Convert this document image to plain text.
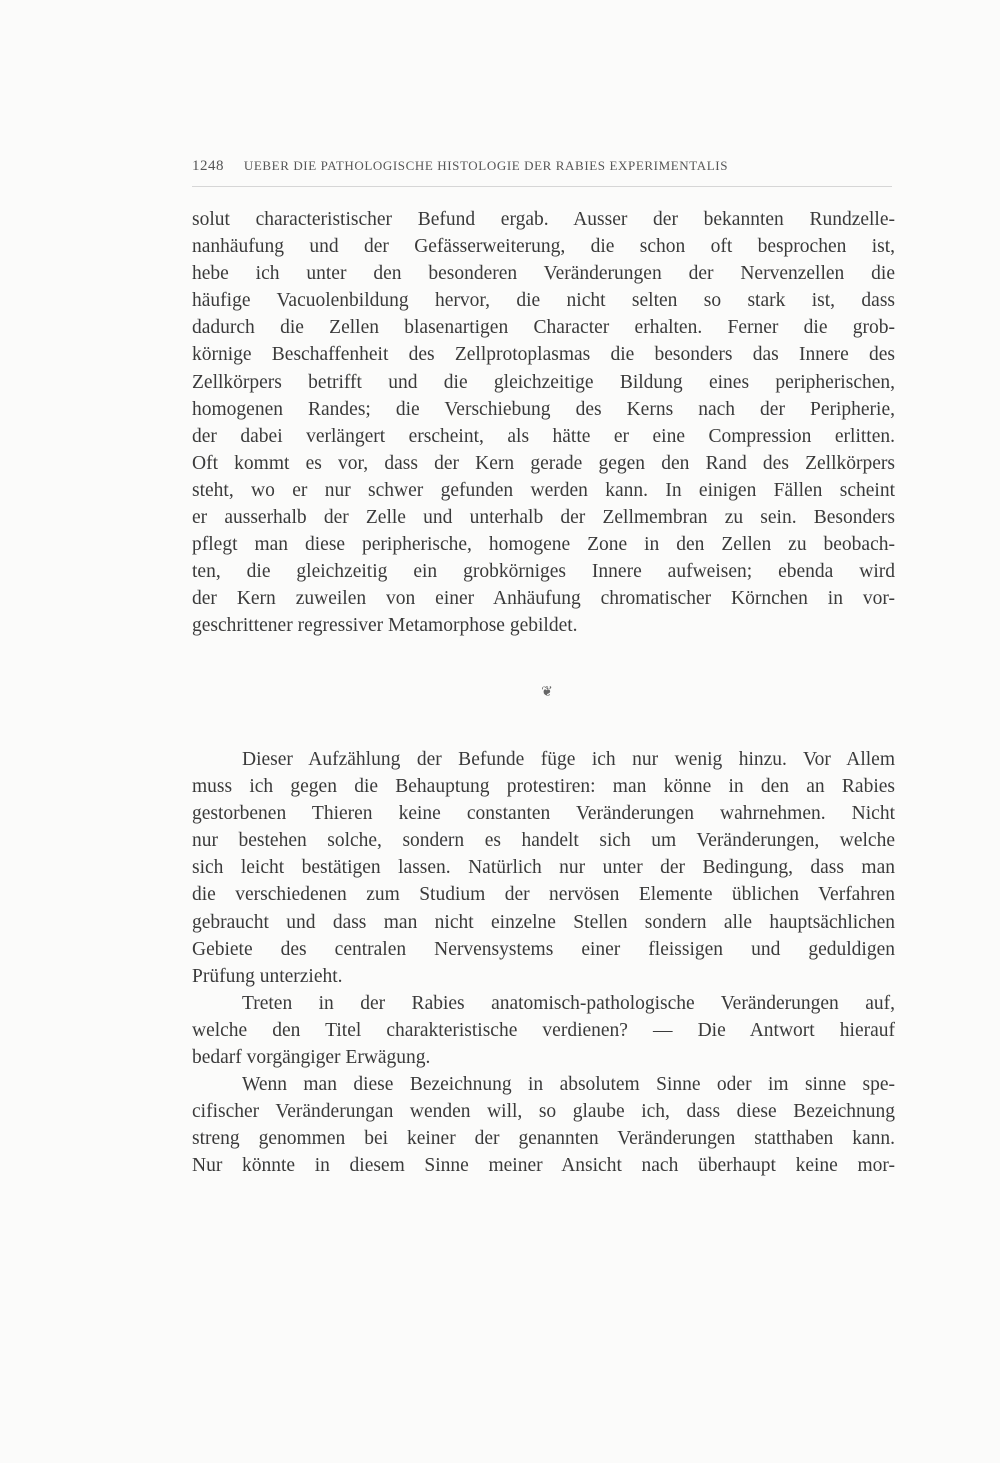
1248 UEBER DIE PATHOLOGISCHE HISTOLOGIE DER RABIES EXPERIMENTALIS
solut characteristischer Befund ergab. Ausser der bekannten Rundzelle-
nanhäufung und der Gefässerweiterung, die schon oft besprochen ist,
hebe ich unter den besonderen Veränderungen der Nervenzellen die
häufige Vacuolenbildung hervor, die nicht selten so stark ist, dass
dadurch die Zellen blasenartigen Character erhalten. Ferner die grob-
körnige Beschaffenheit des Zellprotoplasmas die besonders das Innere des
Zellkörpers betrifft und die gleichzeitige Bildung eines peripherischen,
homogenen Randes; die Verschiebung des Kerns nach der Peripherie,
der dabei verlängert erscheint, als hätte er eine Compression erlitten.
Oft kommt es vor, dass der Kern gerade gegen den Rand des Zellkörpers
steht, wo er nur schwer gefunden werden kann. In einigen Fällen scheint
er ausserhalb der Zelle und unterhalb der Zellmembran zu sein. Besonders
pflegt man diese peripherische, homogene Zone in den Zellen zu beobach-
ten, die gleichzeitig ein grobkörniges Innere aufweisen; ebenda wird
der Kern zuweilen von einer Anhäufung chromatischer Körnchen in vor-
geschrittener regressiver Metamorphose gebildet.
❦
Dieser Aufzählung der Befunde füge ich nur wenig hinzu. Vor Allem
muss ich gegen die Behauptung protestiren: man könne in den an Rabies
gestorbenen Thieren keine constanten Veränderungen wahrnehmen. Nicht
nur bestehen solche, sondern es handelt sich um Veränderungen, welche
sich leicht bestätigen lassen. Natürlich nur unter der Bedingung, dass man
die verschiedenen zum Studium der nervösen Elemente üblichen Verfahren
gebraucht und dass man nicht einzelne Stellen sondern alle hauptsächlichen
Gebiete des centralen Nervensystems einer fleissigen und geduldigen
Prüfung unterzieht.
Treten in der Rabies anatomisch-pathologische Veränderungen auf,
welche den Titel charakteristische verdienen? — Die Antwort hierauf
bedarf vorgängiger Erwägung.
Wenn man diese Bezeichnung in absolutem Sinne oder im sinne spe-
cifischer Veränderungan wenden will, so glaube ich, dass diese Bezeichnung
streng genommen bei keiner der genannten Veränderungen statthaben kann.
Nur könnte in diesem Sinne meiner Ansicht nach überhaupt keine mor-
